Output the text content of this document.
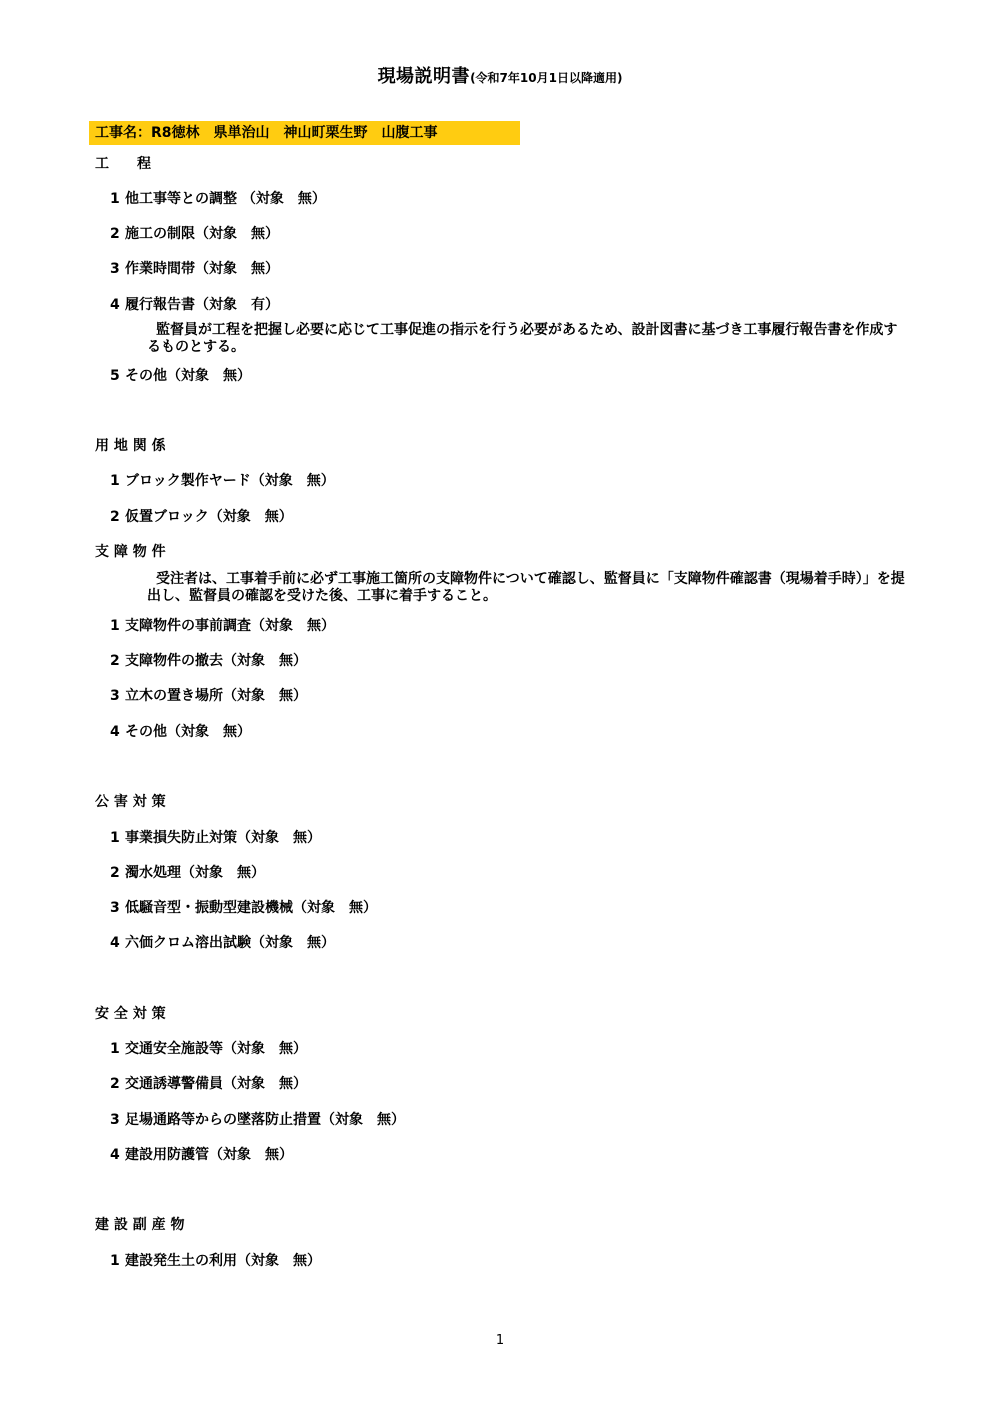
現場説明書(令和7年10月1日以降適用)
工事名：R8徳林　県単治山　神山町栗生野　山腹工事
工　　程
1 他工事等との調整 （対象　無）
2 施工の制限（対象　無）
3 作業時間帯（対象　無）
4 履行報告書（対象　有）
監督員が工程を把握し必要に応じて工事促進の指示を行う必要があるため、設計図書に基づき工事履行報告書を作成するものとする。
5 その他（対象　無）
用 地 関 係
1 ブロック製作ヤード（対象　無）
2 仮置ブロック（対象　無）
支 障 物 件
受注者は、工事着手前に必ず工事施工箇所の支障物件について確認し、監督員に「支障物件確認書（現場着手時）」を提出し、監督員の確認を受けた後、工事に着手すること。
1 支障物件の事前調査（対象　無）
2 支障物件の撤去（対象　無）
3 立木の置き場所（対象　無）
4 その他（対象　無）
公 害 対 策
1 事業損失防止対策（対象　無）
2 濁水処理（対象　無）
3 低騒音型・振動型建設機械（対象　無）
4 六価クロム溶出試験（対象　無）
安 全 対 策
1 交通安全施設等（対象　無）
2 交通誘導警備員（対象　無）
3 足場通路等からの墜落防止措置（対象　無）
4 建設用防護管（対象　無）
建 設 副 産 物
1 建設発生土の利用（対象　無）
1
